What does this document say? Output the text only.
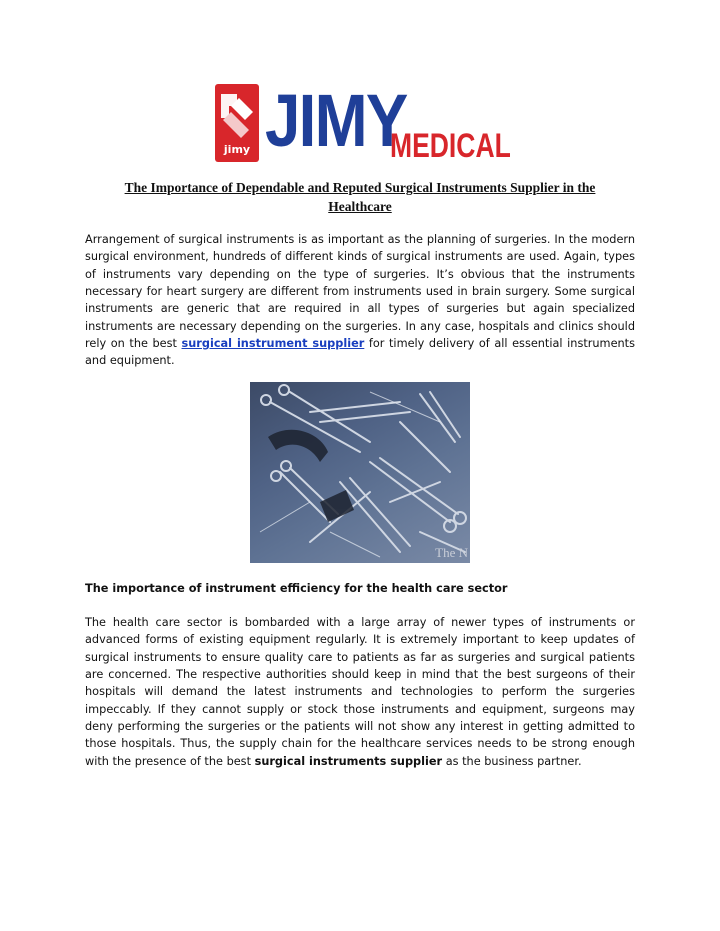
jimy JIMY
MEDICAL
The Importance of Dependable and Reputed Surgical Instruments Supplier in the Healthcare
Arrangement of surgical instruments is as important as the planning of surgeries. In the modern surgical environment, hundreds of different kinds of surgical instruments are used. Again, types of instruments vary depending on the type of surgeries. It’s obvious that the instruments necessary for heart surgery are different from instruments used in brain surgery. Some surgical instruments are generic that are required in all types of surgeries but again specialized instruments are necessary depending on the surgeries. In any case, hospitals and clinics should rely on the best surgical instrument supplier for timely delivery of all essential instruments and equipment.
The N
The importance of instrument efficiency for the health care sector
The health care sector is bombarded with a large array of newer types of instruments or advanced forms of existing equipment regularly. It is extremely important to keep updates of surgical instruments to ensure quality care to patients as far as surgeries and surgical patients are concerned. The respective authorities should keep in mind that the best surgeons of their hospitals will demand the latest instruments and technologies to perform the surgeries impeccably. If they cannot supply or stock those instruments and equipment, surgeons may deny performing the surgeries or the patients will not show any interest in getting admitted to those hospitals. Thus, the supply chain for the healthcare services needs to be strong enough with the presence of the best surgical instruments supplier as the business partner.
